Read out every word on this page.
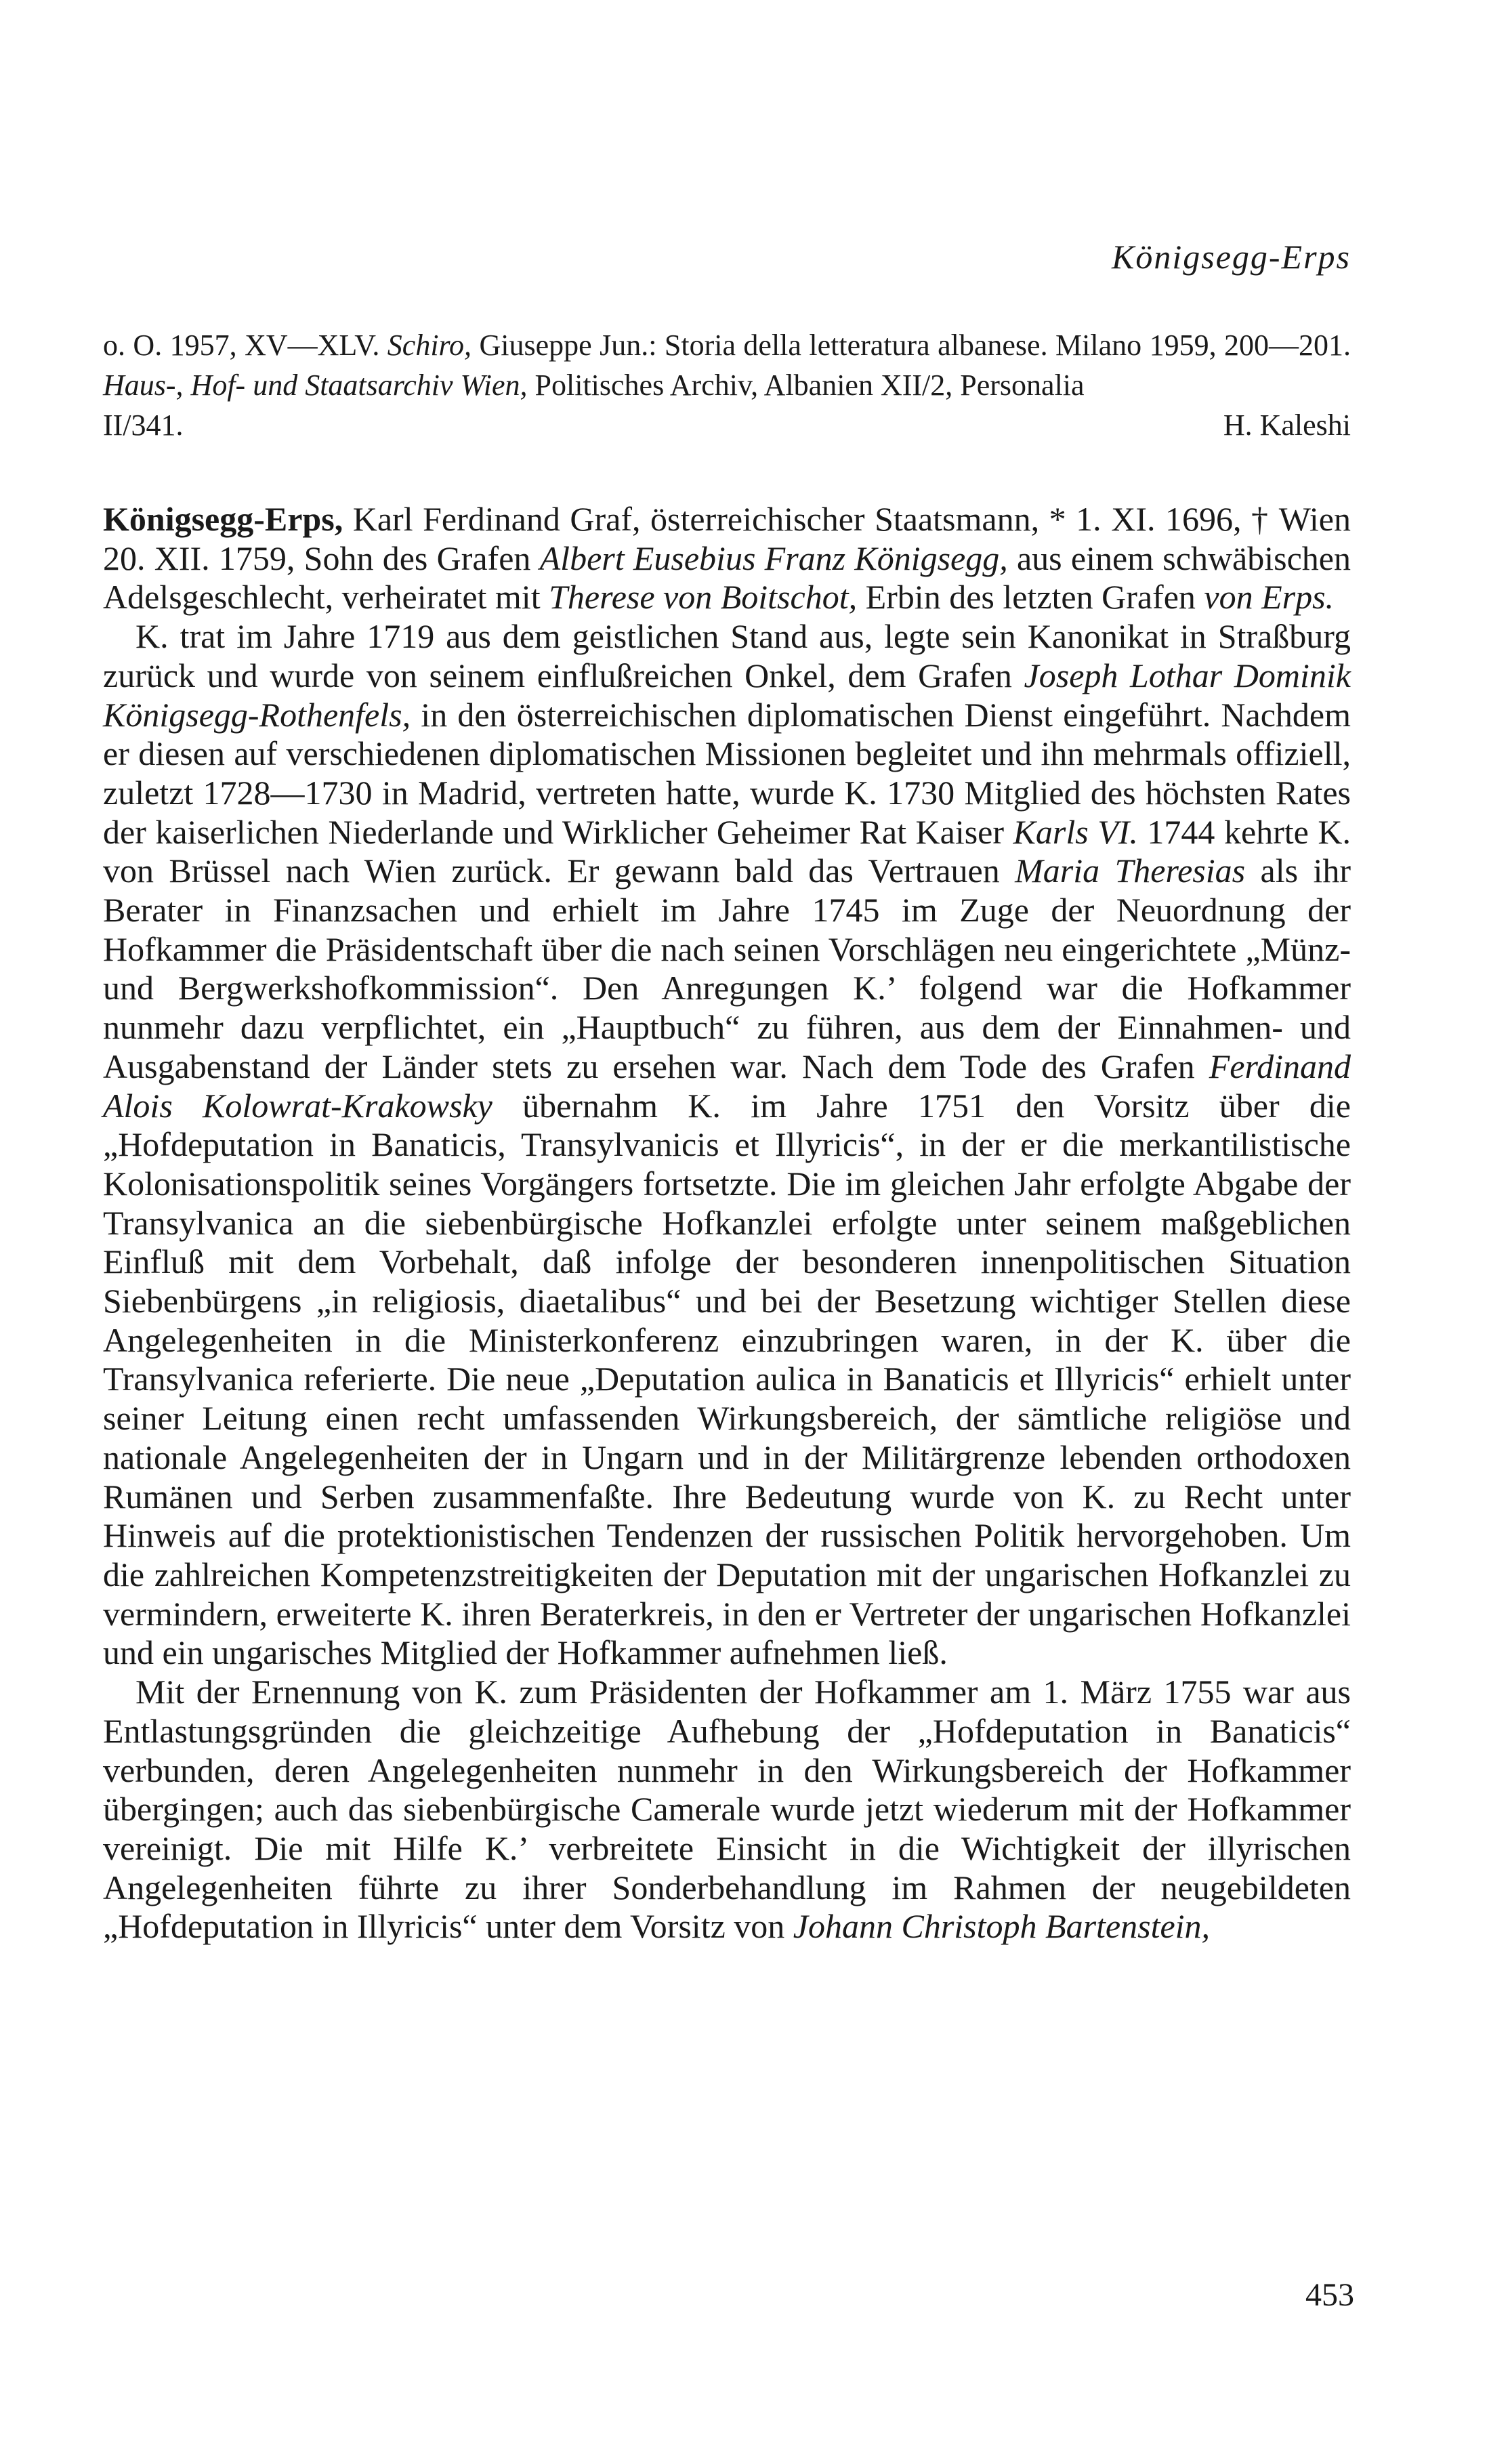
Königsegg-Erps
o. O. 1957, XV—XLV. Schiro, Giuseppe Jun.: Storia della letteratura albanese. Milano 1959, 200—201. Haus-, Hof- und Staatsarchiv Wien, Politisches Archiv, Albanien XII/2, Personalia
II/341.	H. Kaleshi

Königsegg-Erps, Karl Ferdinand Graf, österreichischer Staatsmann, * 1. XI. 1696, † Wien 20. XII. 1759, Sohn des Grafen Albert Eusebius Franz Königsegg, aus einem schwäbischen Adelsgeschlecht, verheiratet mit Therese von Boitschot, Erbin des letzten Grafen von Erps.

K. trat im Jahre 1719 aus dem geistlichen Stand aus, legte sein Kanonikat in Straßburg zurück und wurde von seinem einflußreichen Onkel, dem Grafen Joseph Lothar Dominik Königsegg-Rothenfels, in den österreichischen diplomatischen Dienst eingeführt. Nachdem er diesen auf verschiedenen diplomatischen Missionen begleitet und ihn mehrmals offiziell, zuletzt 1728—1730 in Madrid, vertreten hatte, wurde K. 1730 Mitglied des höchsten Rates der kaiserlichen Niederlande und Wirklicher Geheimer Rat Kaiser Karls VI. 1744 kehrte K. von Brüssel nach Wien zurück. Er gewann bald das Vertrauen Maria Theresias als ihr Berater in Finanzsachen und erhielt im Jahre 1745 im Zuge der Neuordnung der Hofkammer die Präsidentschaft über die nach seinen Vorschlägen neu eingerichtete „Münz- und Bergwerkshofkommission“. Den Anregungen K.’ folgend war die Hofkammer nunmehr dazu verpflichtet, ein „Hauptbuch“ zu führen, aus dem der Einnahmen- und Ausgabenstand der Länder stets zu ersehen war. Nach dem Tode des Grafen Ferdinand Alois Kolowrat-Krakowsky übernahm K. im Jahre 1751 den Vorsitz über die „Hofdeputation in Banaticis, Transylvanicis et Illyricis“, in der er die merkantilistische Kolonisationspolitik seines Vorgängers fortsetzte. Die im gleichen Jahr erfolgte Abgabe der Transylvanica an die siebenbürgische Hofkanzlei erfolgte unter seinem maßgeblichen Einfluß mit dem Vorbehalt, daß infolge der besonderen innenpolitischen Situation Siebenbürgens „in religiosis, diaetalibus“ und bei der Besetzung wichtiger Stellen diese Angelegenheiten in die Ministerkonferenz einzubringen waren, in der K. über die Transylvanica referierte. Die neue „Deputation aulica in Banaticis et Illyricis“ erhielt unter seiner Leitung einen recht umfassenden Wirkungsbereich, der sämtliche religiöse und nationale Angelegenheiten der in Ungarn und in der Militärgrenze lebenden orthodoxen Rumänen und Serben zusammenfaßte. Ihre Bedeutung wurde von K. zu Recht unter Hinweis auf die protektionistischen Tendenzen der russischen Politik hervorgehoben. Um die zahlreichen Kompetenzstreitigkeiten der Deputation mit der ungarischen Hofkanzlei zu vermindern, erweiterte K. ihren Beraterkreis, in den er Vertreter der ungarischen Hofkanzlei und ein ungarisches Mitglied der Hofkammer aufnehmen ließ.

Mit der Ernennung von K. zum Präsidenten der Hofkammer am 1. März 1755 war aus Entlastungsgründen die gleichzeitige Aufhebung der „Hofdeputation in Banaticis“ verbunden, deren Angelegenheiten nunmehr in den Wirkungsbereich der Hofkammer übergingen; auch das siebenbürgische Camerale wurde jetzt wiederum mit der Hofkammer vereinigt. Die mit Hilfe K.’ verbreitete Einsicht in die Wichtigkeit der illyrischen Angelegenheiten führte zu ihrer Sonderbehandlung im Rahmen der neugebildeten „Hofdeputation in Illyricis“ unter dem Vorsitz von Johann Christoph Bartenstein,

453
